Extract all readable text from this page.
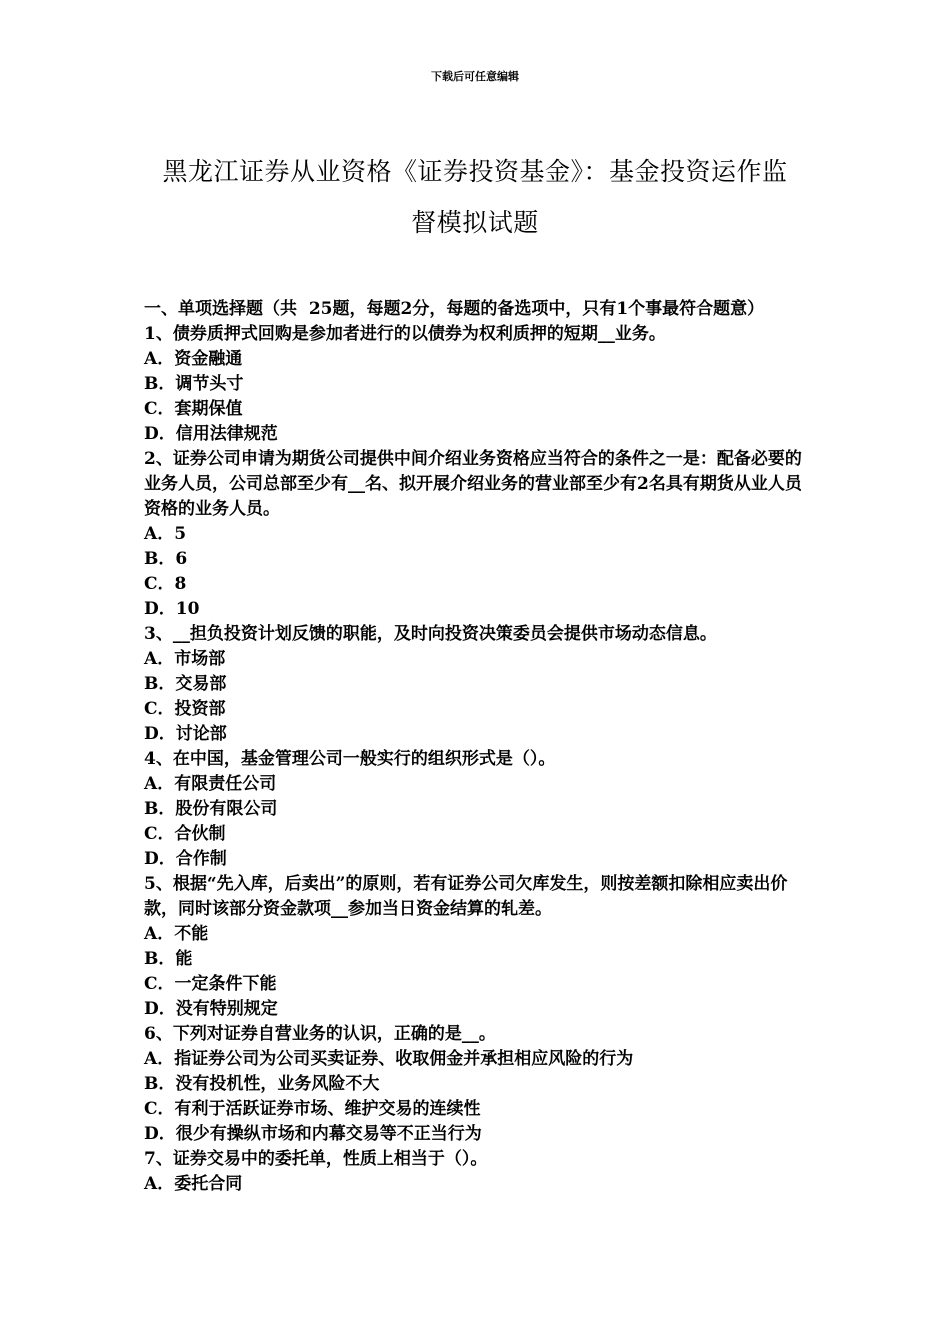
下载后可任意编辑
黑龙江证券从业资格《证券投资基金》：基金投资运作监督模拟试题

一、单项选择题（共  25题，每题2分，每题的备选项中，只有1个事最符合题意）

1、债券质押式回购是参加者进行的以债券为权利质押的短期__业务。

A．资金融通

B．调节头寸

C．套期保值

D．信用法律规范

2、证券公司申请为期货公司提供中间介绍业务资格应当符合的条件之一是：配备必要的业务人员，公司总部至少有__名、拟开展介绍业务的营业部至少有2名具有期货从业人员资格的业务人员。

A．5

B．6

C．8

D．10

3、__担负投资计划反馈的职能，及时向投资决策委员会提供市场动态信息。

A．市场部

B．交易部

C．投资部

D．讨论部

4、在中国，基金管理公司一般实行的组织形式是（）。

A．有限责任公司

B．股份有限公司

C．合伙制

D．合作制

5、根据“先入库，后卖出”的原则，若有证券公司欠库发生，则按差额扣除相应卖出价款，同时该部分资金款项__参加当日资金结算的轧差。

A．不能

B．能

C．一定条件下能

D．没有特别规定

6、下列对证券自营业务的认识，正确的是__。

A．指证券公司为公司买卖证券、收取佣金并承担相应风险的行为

B．没有投机性，业务风险不大

C．有利于活跃证券市场、维护交易的连续性

D．很少有操纵市场和内幕交易等不正当行为

7、证券交易中的委托单，性质上相当于（）。

A．委托合同
